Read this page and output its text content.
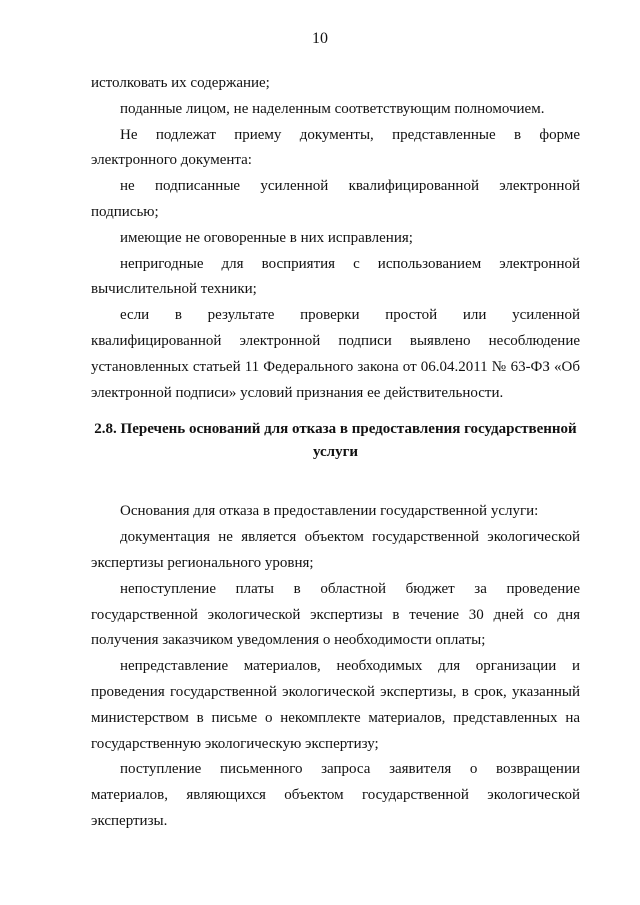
10

истолковать их содержание;

поданные лицом, не наделенным соответствующим полномочием.

Не подлежат приему документы, представленные в форме электронного документа:

не подписанные усиленной квалифицированной электронной подписью;

имеющие не оговоренные в них исправления;

непригодные для восприятия с использованием электронной вычислительной техники;

если в результате проверки простой или усиленной квалифицированной электронной подписи выявлено несоблюдение установленных статьей 11 Федерального закона от 06.04.2011 № 63-ФЗ «Об электронной подписи» условий признания ее действительности.

2.8. Перечень оснований для отказа в предоставления государственной услуги

Основания для отказа в предоставлении государственной услуги:

документация не является объектом государственной экологической экспертизы регионального уровня;

непоступление платы в областной бюджет за проведение государственной экологической экспертизы в течение 30 дней со дня получения заказчиком уведомления о необходимости оплаты;

непредставление материалов, необходимых для организации и проведения государственной экологической экспертизы, в срок, указанный министерством в письме о некомплекте материалов, представленных на государственную экологическую экспертизу;

поступление письменного запроса заявителя о возвращении материалов, являющихся объектом государственной экологической экспертизы.
